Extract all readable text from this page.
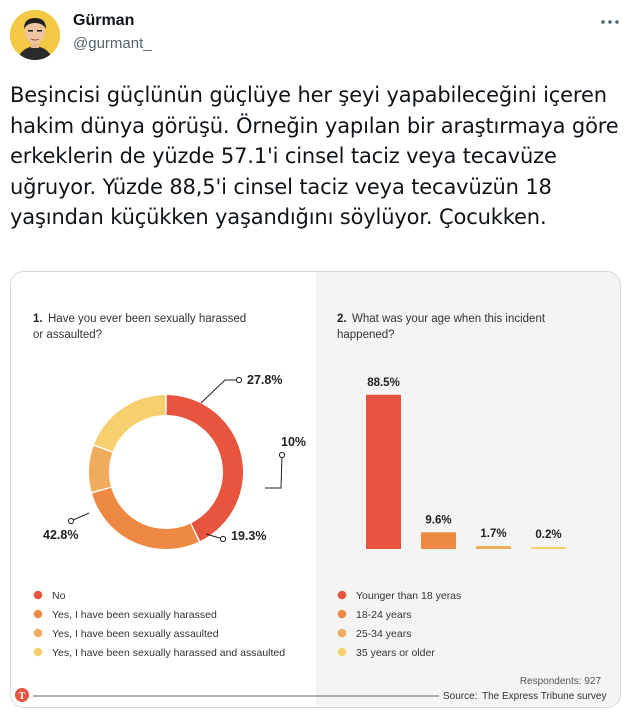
Gürman
@gurmant_
Beşincisi güçlünün güçlüye her şeyi yapabileceğini içeren hakim dünya görüşü. Örneğin yapılan bir araştırmaya göre erkeklerin de yüzde 57.1'i cinsel taciz veya tecavüze uğruyor. Yüzde 88,5'i cinsel taciz veya tecavüzün 18 yaşından küçükken yaşandığını söylüyor. Çocukken.
1. Have you ever been sexually harassed
or assaulted?
2. What was your age when this incident
happened?
27.8%
10%
19.3%
42.8%
88.5%
9.6%
1.7%	0.2%
No
Yes, I have been sexually harassed
Yes, I have been sexually assaulted
Yes, I have been sexually harassed and assaulted
Younger than 18 yeras
18-24 years
25-34 years
35 years or older
Respondents: 927
T	Source: The Express Tribune survey
